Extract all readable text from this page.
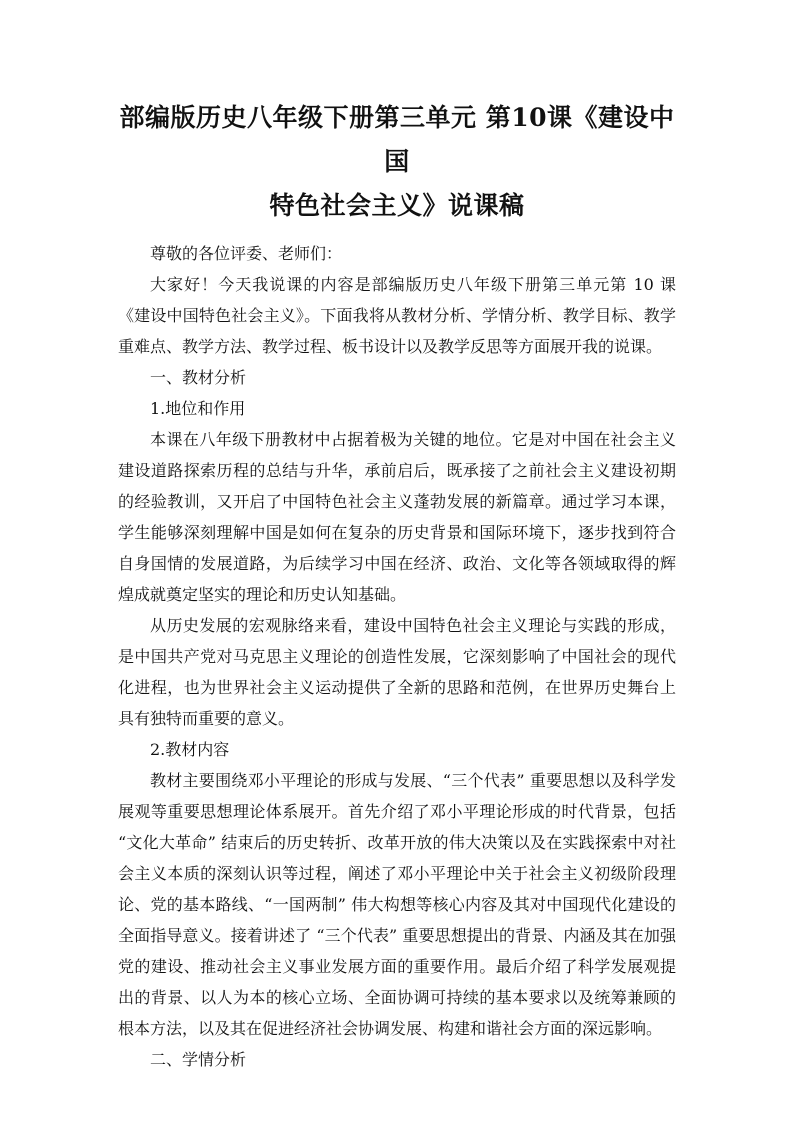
部编版历史八年级下册第三单元 第10课《建设中国
特色社会主义》说课稿

尊敬的各位评委、老师们：

大家好！今天我说课的内容是部编版历史八年级下册第三单元第 10 课《建设中国特色社会主义》。下面我将从教材分析、学情分析、教学目标、教学重难点、教学方法、教学过程、板书设计以及教学反思等方面展开我的说课。

一、教材分析

1.地位和作用

本课在八年级下册教材中占据着极为关键的地位。它是对中国在社会主义建设道路探索历程的总结与升华，承前启后，既承接了之前社会主义建设初期的经验教训，又开启了中国特色社会主义蓬勃发展的新篇章。通过学习本课，学生能够深刻理解中国是如何在复杂的历史背景和国际环境下，逐步找到符合自身国情的发展道路，为后续学习中国在经济、政治、文化等各领域取得的辉煌成就奠定坚实的理论和历史认知基础。

从历史发展的宏观脉络来看，建设中国特色社会主义理论与实践的形成，是中国共产党对马克思主义理论的创造性发展，它深刻影响了中国社会的现代化进程，也为世界社会主义运动提供了全新的思路和范例，在世界历史舞台上具有独特而重要的意义。

2.教材内容

教材主要围绕邓小平理论的形成与发展、“三个代表” 重要思想以及科学发展观等重要思想理论体系展开。首先介绍了邓小平理论形成的时代背景，包括 “文化大革命” 结束后的历史转折、改革开放的伟大决策以及在实践探索中对社会主义本质的深刻认识等过程，阐述了邓小平理论中关于社会主义初级阶段理论、党的基本路线、“一国两制” 伟大构想等核心内容及其对中国现代化建设的全面指导意义。接着讲述了 “三个代表” 重要思想提出的背景、内涵及其在加强党的建设、推动社会主义事业发展方面的重要作用。最后介绍了科学发展观提出的背景、以人为本的核心立场、全面协调可持续的基本要求以及统筹兼顾的根本方法，以及其在促进经济社会协调发展、构建和谐社会方面的深远影响。

二、学情分析
